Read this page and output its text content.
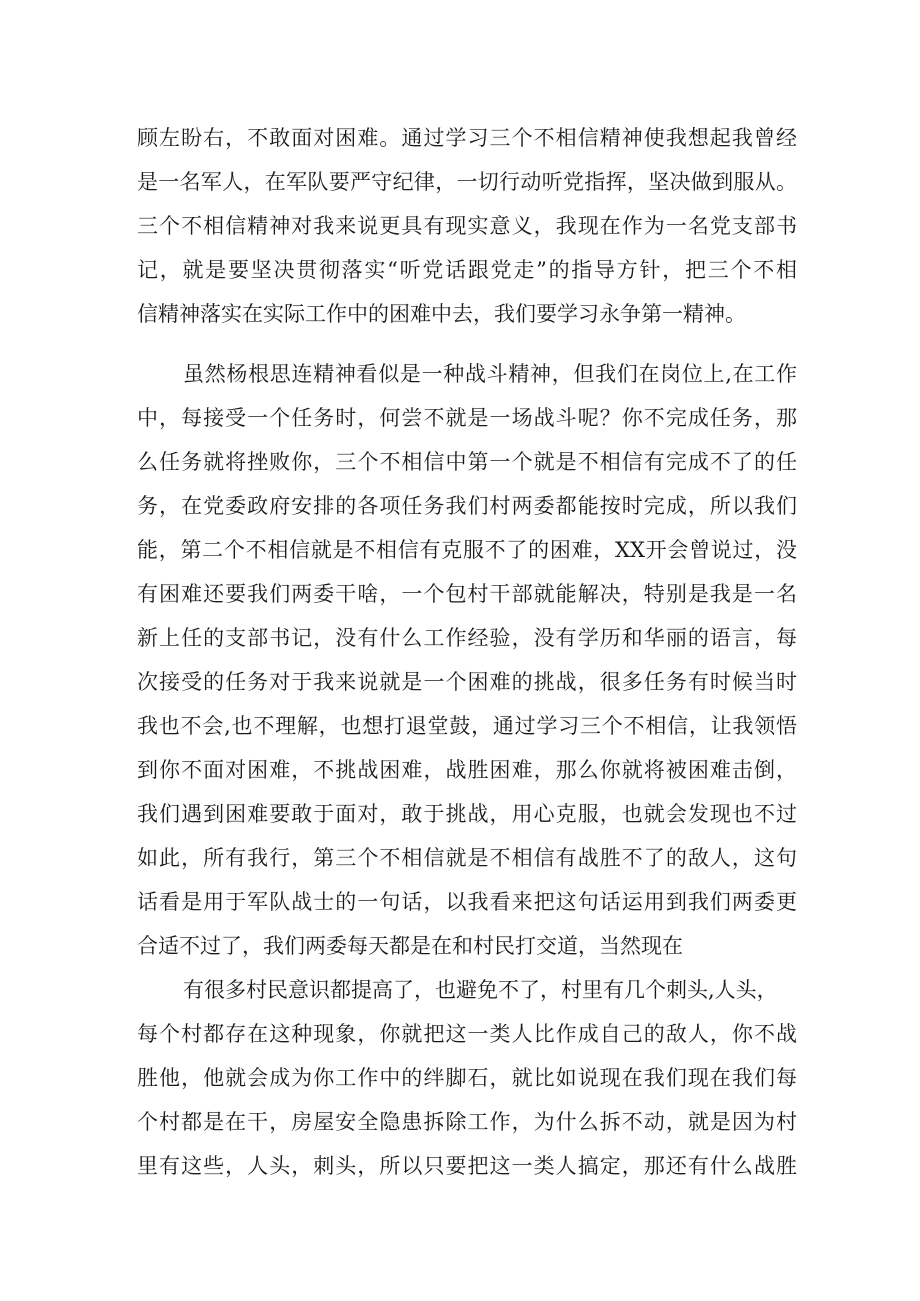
顾左盼右，不敢面对困难。通过学习三个不相信精神使我想起我曾经
是一名军人，在军队要严守纪律，一切行动听党指挥，坚决做到服从。
三个不相信精神对我来说更具有现实意义，我现在作为一名党支部书
记，就是要坚决贯彻落实“听党话跟党走”的指导方针，把三个不相
信精神落实在实际工作中的困难中去，我们要学习永争第一精神。
虽然杨根思连精神看似是一种战斗精神，但我们在岗位上,在工作
中，每接受一个任务时，何尝不就是一场战斗呢？你不完成任务，那
么任务就将挫败你，三个不相信中第一个就是不相信有完成不了的任
务，在党委政府安排的各项任务我们村两委都能按时完成，所以我们
能，第二个不相信就是不相信有克服不了的困难，XX开会曾说过，没
有困难还要我们两委干啥，一个包村干部就能解决，特别是我是一名
新上任的支部书记，没有什么工作经验，没有学历和华丽的语言，每
次接受的任务对于我来说就是一个困难的挑战，很多任务有时候当时
我也不会,也不理解，也想打退堂鼓，通过学习三个不相信，让我领悟
到你不面对困难，不挑战困难，战胜困难，那么你就将被困难击倒，
我们遇到困难要敢于面对，敢于挑战，用心克服，也就会发现也不过
如此，所有我行，第三个不相信就是不相信有战胜不了的敌人，这句
话看是用于军队战士的一句话，以我看来把这句话运用到我们两委更
合适不过了，我们两委每天都是在和村民打交道，当然现在
有很多村民意识都提高了，也避免不了，村里有几个刺头,人头，
每个村都存在这种现象，你就把这一类人比作成自己的敌人，你不战
胜他，他就会成为你工作中的绊脚石，就比如说现在我们现在我们每
个村都是在干，房屋安全隐患拆除工作，为什么拆不动，就是因为村
里有这些，人头，刺头，所以只要把这一类人搞定，那还有什么战胜
